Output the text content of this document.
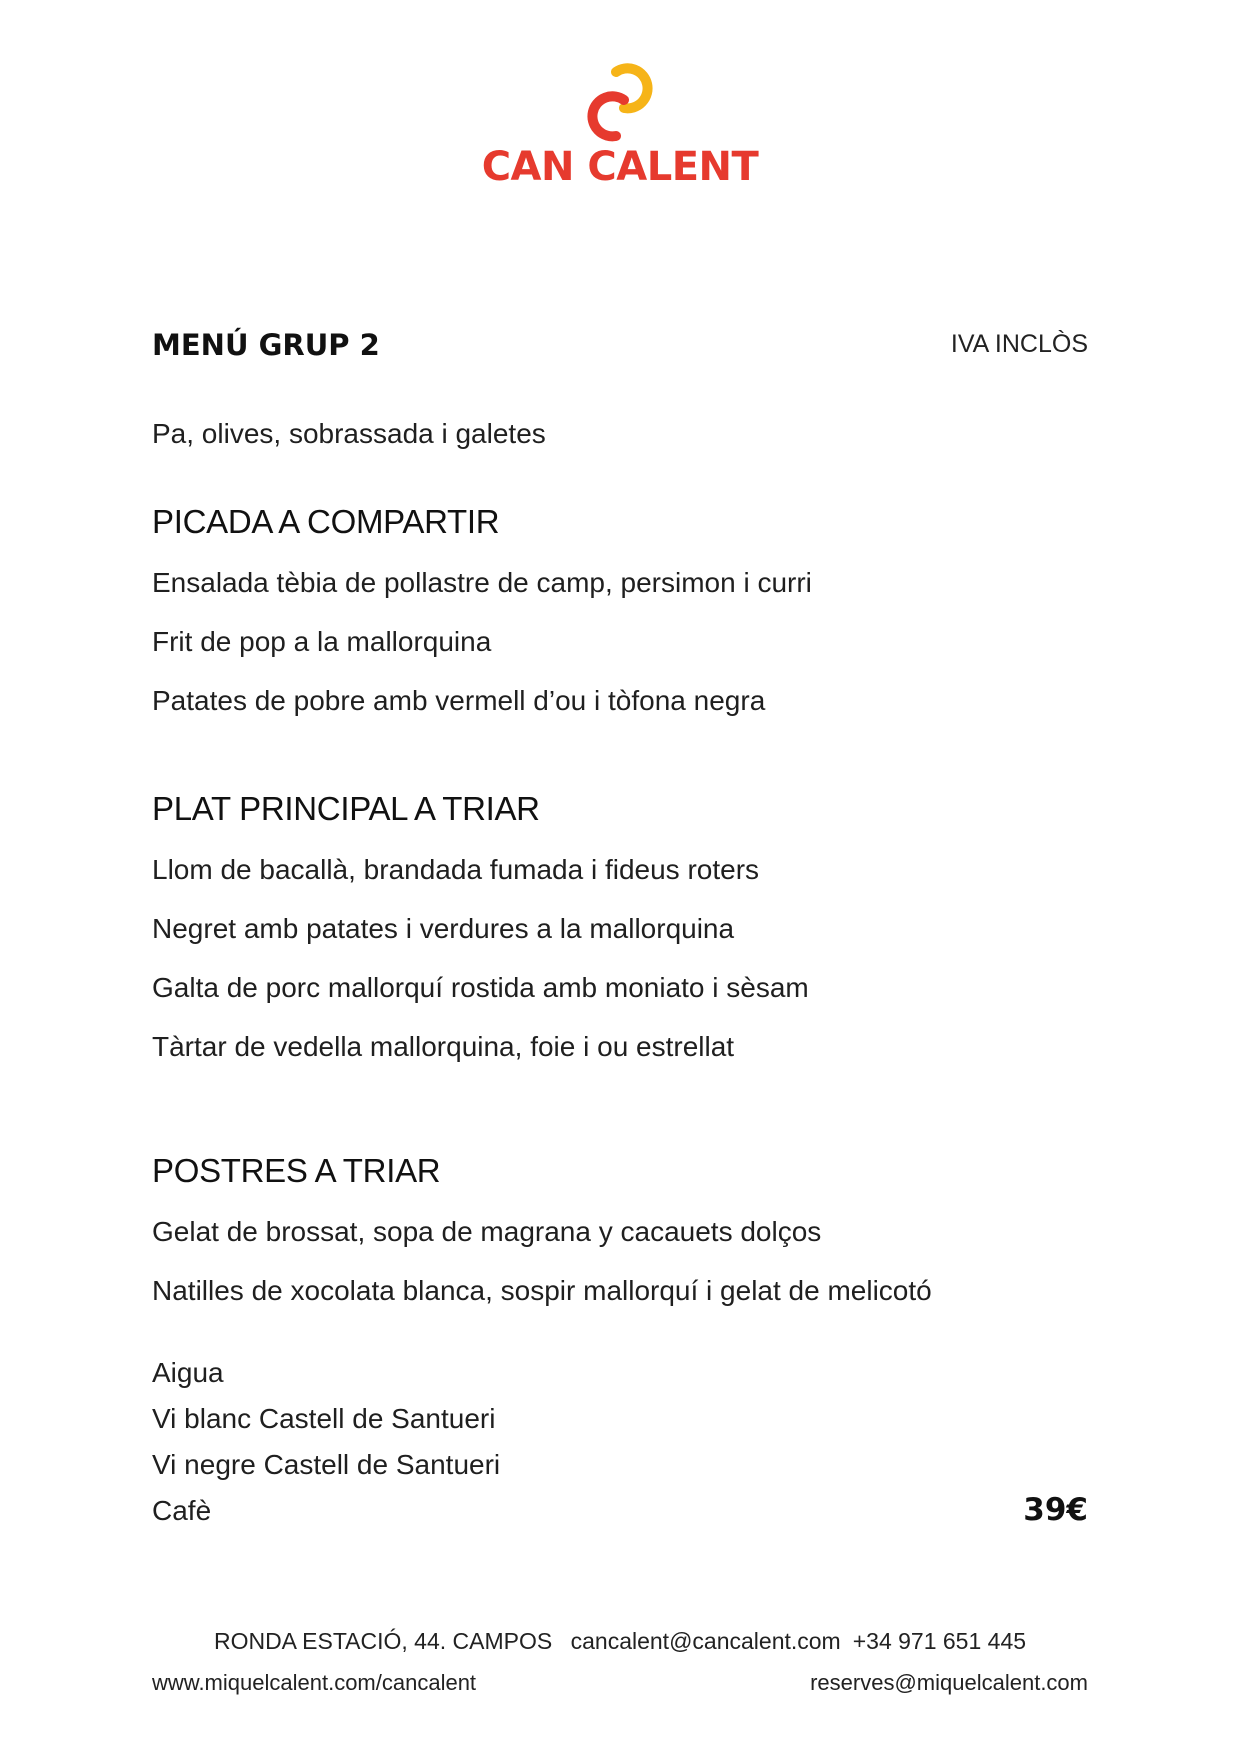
CAN CALENT
MENÚ GRUP 2	IVA INCLÒS
Pa, olives, sobrassada i galetes
PICADA A COMPARTIR
Ensalada tèbia de pollastre de camp, persimon i curri
Frit de pop a la mallorquina
Patates de pobre amb vermell d’ou i tòfona negra
PLAT PRINCIPAL A TRIAR
Llom de bacallà, brandada fumada i fideus roters
Negret amb patates i verdures a la mallorquina
Galta de porc mallorquí rostida amb moniato i sèsam
Tàrtar de vedella mallorquina, foie i ou estrellat
POSTRES A TRIAR
Gelat de brossat, sopa de magrana y cacauets dolços
Natilles de xocolata blanca, sospir mallorquí i gelat de melicotó
Aigua
Vi blanc Castell de Santueri
Vi negre Castell de Santueri
Cafè	39€
RONDA ESTACIÓ, 44. CAMPOS cancalent@cancalent.com +34 971 651 445
www.miquelcalent.com/cancalent	reserves@miquelcalent.com
